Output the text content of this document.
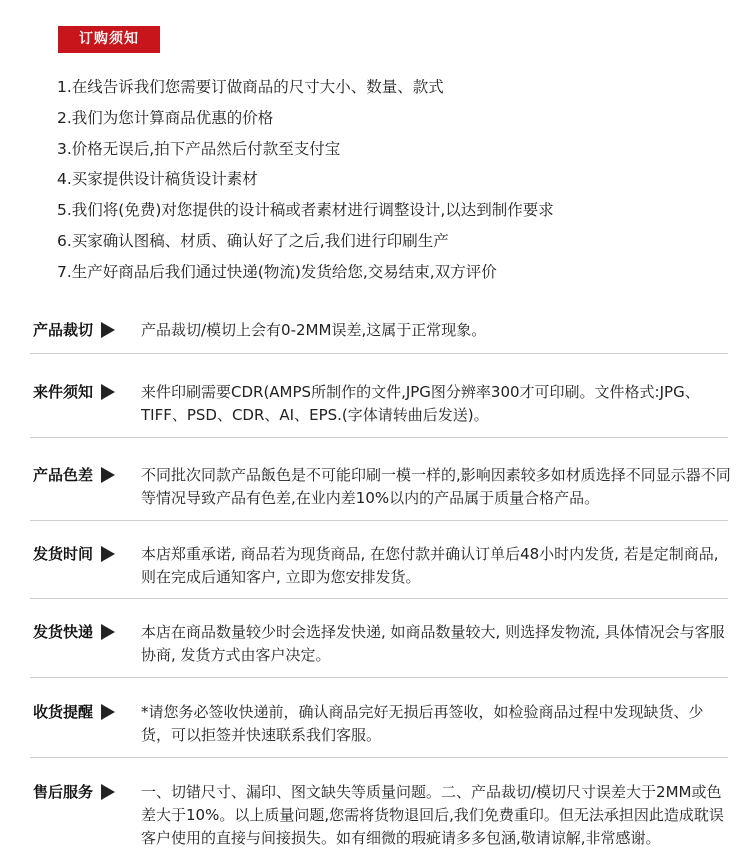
订购须知
1.在线告诉我们您需要订做商品的尺寸大小、数量、款式
2.我们为您计算商品优惠的价格
3.价格无误后,拍下产品然后付款至支付宝
4.买家提供设计稿货设计素材
5.我们将(免费)对您提供的设计稿或者素材进行调整设计,以达到制作要求
6.买家确认图稿、材质、确认好了之后,我们进行印刷生产
7.生产好商品后我们通过快递(物流)发货给您,交易结束,双方评价
产品裁切	产品裁切/模切上会有0-2MM误差,这属于正常现象。
来件须知	来件印刷需要CDR(AMPS所制作的文件,JPG图分辨率300才可印刷。文件格式:JPG、TIFF、PSD、CDR、AI、EPS.(字体请转曲后发送)。
产品色差	不同批次同款产品飯色是不可能印刷一模一样的,影响因素较多如材质选择不同显示器不同等情况导致产品有色差,在业内差10%以内的产品属于质量合格产品。
发货时间	本店郑重承诺, 商品若为现货商品, 在您付款并确认订单后48小时内发货, 若是定制商品, 则在完成后通知客户, 立即为您安排发货。
发货快递	本店在商品数量较少时会选择发快递, 如商品数量较大, 则选择发物流, 具体情况会与客服协商, 发货方式由客户决定。
收货提醒	*请您务必签收快递前，确认商品完好无损后再签收，如检验商品过程中发现缺货、少货，可以拒签并快速联系我们客服。
售后服务	一、切错尺寸、漏印、图文缺失等质量问题。二、产品裁切/模切尺寸误差大于2MM或色差大于10%。以上质量问题,您需将货物退回后,我们免费重印。但无法承担因此造成耽误客户使用的直接与间接损失。如有细微的瑕疵请多多包涵,敬请谅解,非常感谢。
